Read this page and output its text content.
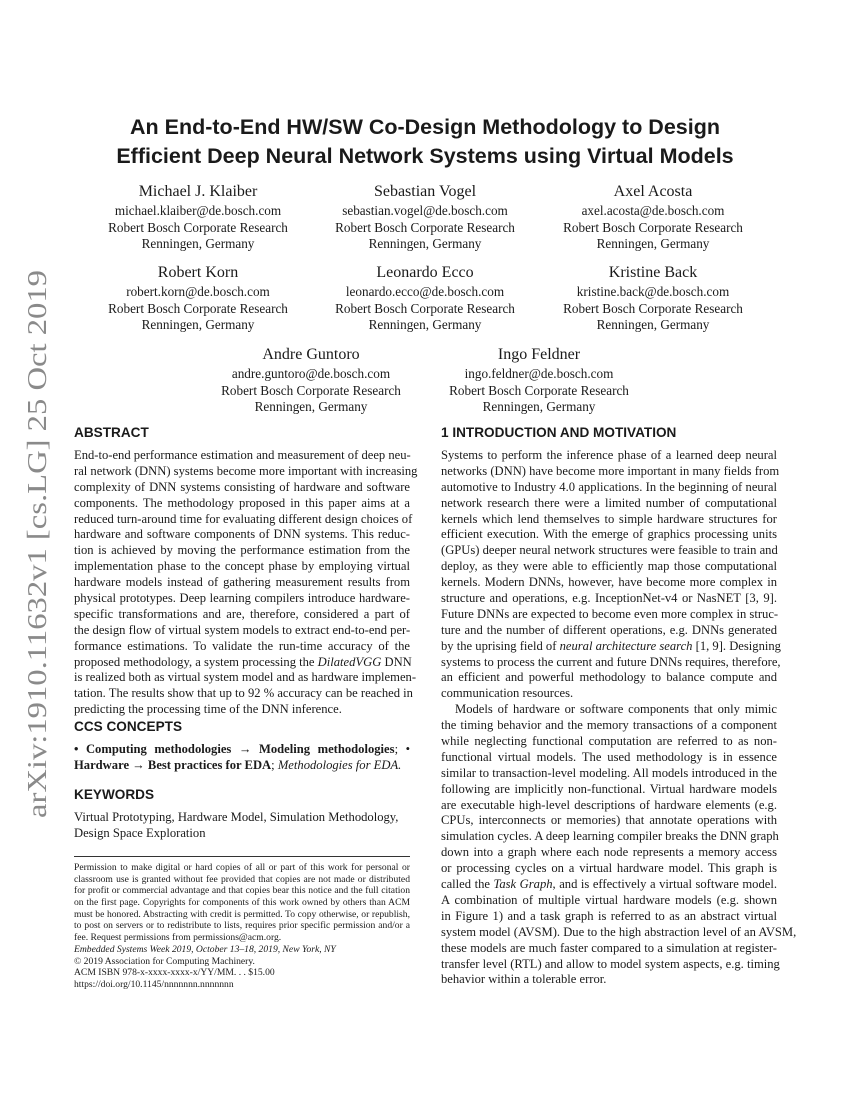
arXiv:1910.11632v1 [cs.LG] 25 Oct 2019
An End-to-End HW/SW Co-Design Methodology to Design
Efficient Deep Neural Network Systems using Virtual Models
Michael J. Klaiber
michael.klaiber@de.bosch.com
Robert Bosch Corporate Research
Renningen, Germany
Sebastian Vogel
sebastian.vogel@de.bosch.com
Robert Bosch Corporate Research
Renningen, Germany
Axel Acosta
axel.acosta@de.bosch.com
Robert Bosch Corporate Research
Renningen, Germany
Robert Korn
robert.korn@de.bosch.com
Robert Bosch Corporate Research
Renningen, Germany
Leonardo Ecco
leonardo.ecco@de.bosch.com
Robert Bosch Corporate Research
Renningen, Germany
Kristine Back
kristine.back@de.bosch.com
Robert Bosch Corporate Research
Renningen, Germany
Andre Guntoro
andre.guntoro@de.bosch.com
Robert Bosch Corporate Research
Renningen, Germany
Ingo Feldner
ingo.feldner@de.bosch.com
Robert Bosch Corporate Research
Renningen, Germany
ABSTRACT
End-to-end performance estimation and measurement of deep neu-
ral network (DNN) systems become more important with increasing
complexity of DNN systems consisting of hardware and software
components. The methodology proposed in this paper aims at a
reduced turn-around time for evaluating different design choices of
hardware and software components of DNN systems. This reduc-
tion is achieved by moving the performance estimation from the
implementation phase to the concept phase by employing virtual
hardware models instead of gathering measurement results from
physical prototypes. Deep learning compilers introduce hardware-
specific transformations and are, therefore, considered a part of
the design flow of virtual system models to extract end-to-end per-
formance estimations. To validate the run-time accuracy of the
proposed methodology, a system processing the DilatedVGG DNN
is realized both as virtual system model and as hardware implemen-
tation. The results show that up to 92 % accuracy can be reached in
predicting the processing time of the DNN inference.
CCS CONCEPTS
• Computing methodologies → Modeling methodologies; •
Hardware → Best practices for EDA; Methodologies for EDA.
KEYWORDS
Virtual Prototyping, Hardware Model, Simulation Methodology,
Design Space Exploration
Permission to make digital or hard copies of all or part of this work for personal or
classroom use is granted without fee provided that copies are not made or distributed
for profit or commercial advantage and that copies bear this notice and the full citation
on the first page. Copyrights for components of this work owned by others than ACM
must be honored. Abstracting with credit is permitted. To copy otherwise, or republish,
to post on servers or to redistribute to lists, requires prior specific permission and/or a
fee. Request permissions from permissions@acm.org.
Embedded Systems Week 2019, October 13–18, 2019, New York, NY
© 2019 Association for Computing Machinery.
ACM ISBN 978-x-xxxx-xxxx-x/YY/MM. . . $15.00
https://doi.org/10.1145/nnnnnnn.nnnnnnn
1 INTRODUCTION AND MOTIVATION
Systems to perform the inference phase of a learned deep neural
networks (DNN) have become more important in many fields from
automotive to Industry 4.0 applications. In the beginning of neural
network research there were a limited number of computational
kernels which lend themselves to simple hardware structures for
efficient execution. With the emerge of graphics processing units
(GPUs) deeper neural network structures were feasible to train and
deploy, as they were able to efficiently map those computational
kernels. Modern DNNs, however, have become more complex in
structure and operations, e.g. InceptionNet-v4 or NasNET [3, 9].
Future DNNs are expected to become even more complex in struc-
ture and the number of different operations, e.g. DNNs generated
by the uprising field of neural architecture search [1, 9]. Designing
systems to process the current and future DNNs requires, therefore,
an efficient and powerful methodology to balance compute and
communication resources.
Models of hardware or software components that only mimic
the timing behavior and the memory transactions of a component
while neglecting functional computation are referred to as non-
functional virtual models. The used methodology is in essence
similar to transaction-level modeling. All models introduced in the
following are implicitly non-functional. Virtual hardware models
are executable high-level descriptions of hardware elements (e.g.
CPUs, interconnects or memories) that annotate operations with
simulation cycles. A deep learning compiler breaks the DNN graph
down into a graph where each node represents a memory access
or processing cycles on a virtual hardware model. This graph is
called the Task Graph, and is effectively a virtual software model.
A combination of multiple virtual hardware models (e.g. shown
in Figure 1) and a task graph is referred to as an abstract virtual
system model (AVSM). Due to the high abstraction level of an AVSM,
these models are much faster compared to a simulation at register-
transfer level (RTL) and allow to model system aspects, e.g. timing
behavior within a tolerable error.
